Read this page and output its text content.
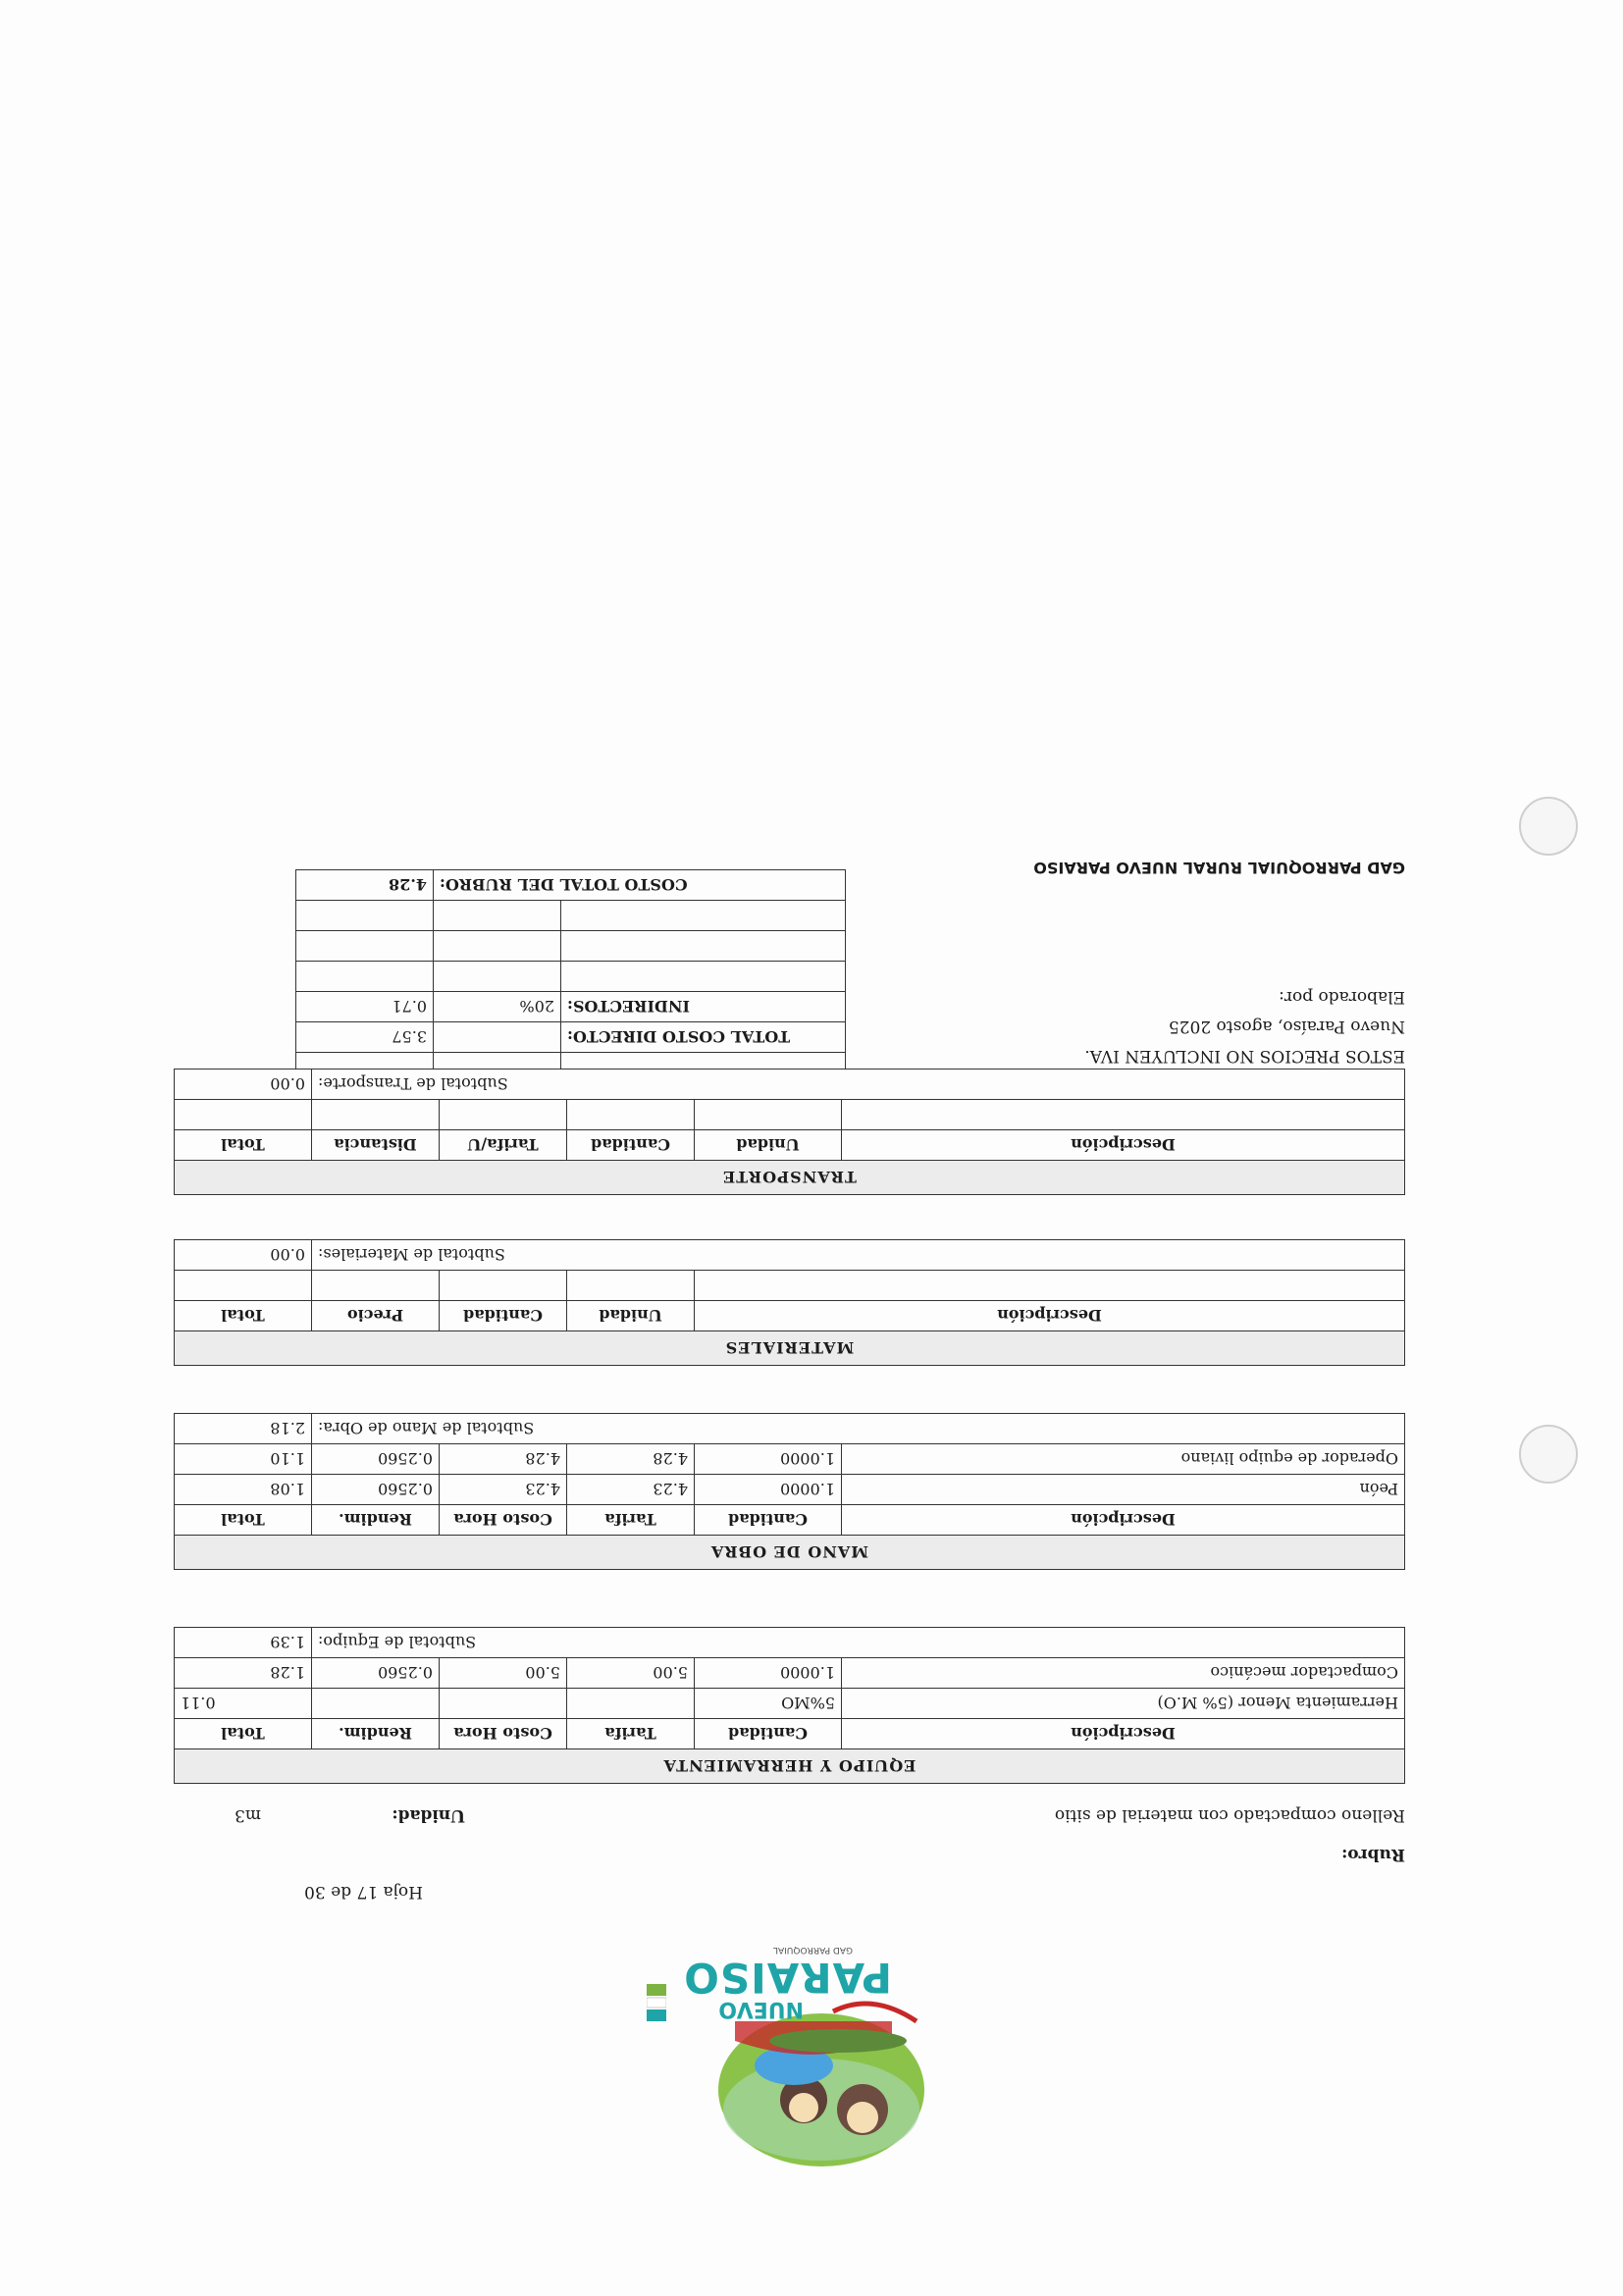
NUEVO
PARAISO
GAD PARROQUIAL
Hoja 17 de 30
Rubro:
Relleno compactado con material de sitio
Unidad:
m3
EQUIPO Y HERRAMIENTA					
Descripción	Cantidad	Tarifa	Costo Hora	Rendim.	Total
Herramienta Menor (5% M.O)	5%MO				0.11
Compactador mecánico	1.0000	5.00	5.00	0.2560	1.28
Subtotal de Equipo:					1.39
MANO DE OBRA					
Descripción	Cantidad	Tarifa	Costo Hora	Rendim.	Total
Peón	1.0000	4.23	4.23	0.2560	1.08
Operador de equipo liviano	1.0000	4.28	4.28	0.2560	1.10
Subtotal de Mano de Obra:					2.18
MATERIALES				
Descripción	Unidad	Cantidad	Precio	Total

Subtotal de Materiales:				0.00
TRANSPORTE					
Descripción	Unidad	Cantidad	Tarifa/U	Distancia	Total

Subtotal de Transporte:					0.00
ESTOS PRECIOS NO INCLUYEN IVA.
Nuevo Paraíso, agosto 2025
Elaborado por:
GAD PARROQUIAL RURAL NUEVO PARAISO

TOTAL COSTO DIRECTO:		3.57
INDIRECTOS:	20%	0.71

COSTO TOTAL DEL RUBRO:		4.28
